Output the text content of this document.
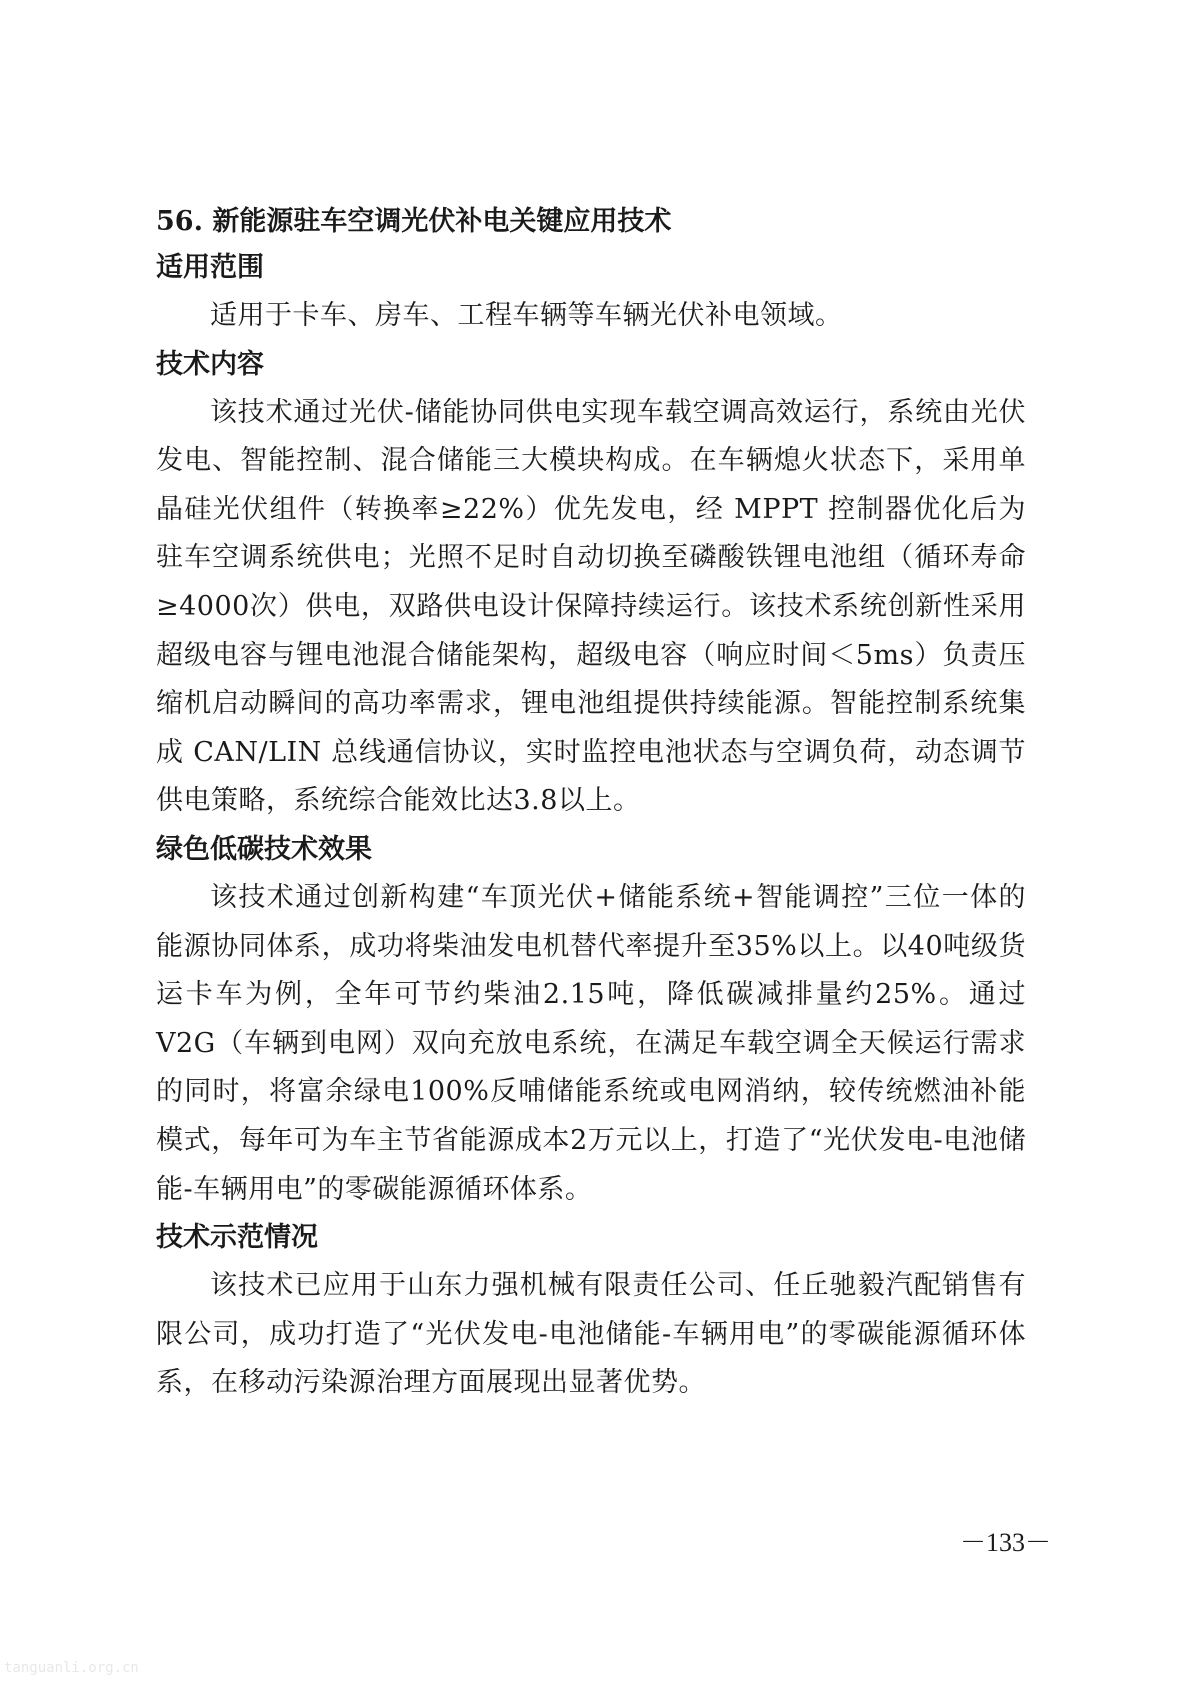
56. 新能源驻车空调光伏补电关键应用技术
适用范围

适用于卡车、房车、工程车辆等车辆光伏补电领域。

技术内容

该技术通过光伏-储能协同供电实现车载空调高效运行，系统由光伏发电、智能控制、混合储能三大模块构成。在车辆熄火状态下，采用单晶硅光伏组件（转换率≥22%）优先发电，经 MPPT 控制器优化后为驻车空调系统供电；光照不足时自动切换至磷酸铁锂电池组（循环寿命≥4000次）供电，双路供电设计保障持续运行。该技术系统创新性采用超级电容与锂电池混合储能架构，超级电容（响应时间＜5ms）负责压缩机启动瞬间的高功率需求，锂电池组提供持续能源。智能控制系统集成 CAN/LIN 总线通信协议，实时监控电池状态与空调负荷，动态调节供电策略，系统综合能效比达3.8以上。

绿色低碳技术效果

该技术通过创新构建“车顶光伏+储能系统+智能调控”三位一体的能源协同体系，成功将柴油发电机替代率提升至35%以上。以40吨级货运卡车为例，全年可节约柴油2.15吨，降低碳减排量约25%。通过 V2G（车辆到电网）双向充放电系统，在满足车载空调全天候运行需求的同时，将富余绿电100%反哺储能系统或电网消纳，较传统燃油补能模式，每年可为车主节省能源成本2万元以上，打造了“光伏发电-电池储能-车辆用电”的零碳能源循环体系。

技术示范情况

该技术已应用于山东力强机械有限责任公司、任丘驰毅汽配销售有限公司，成功打造了“光伏发电-电池储能-车辆用电”的零碳能源循环体系，在移动污染源治理方面展现出显著优势。

－133－
tanguanli.org.cn
